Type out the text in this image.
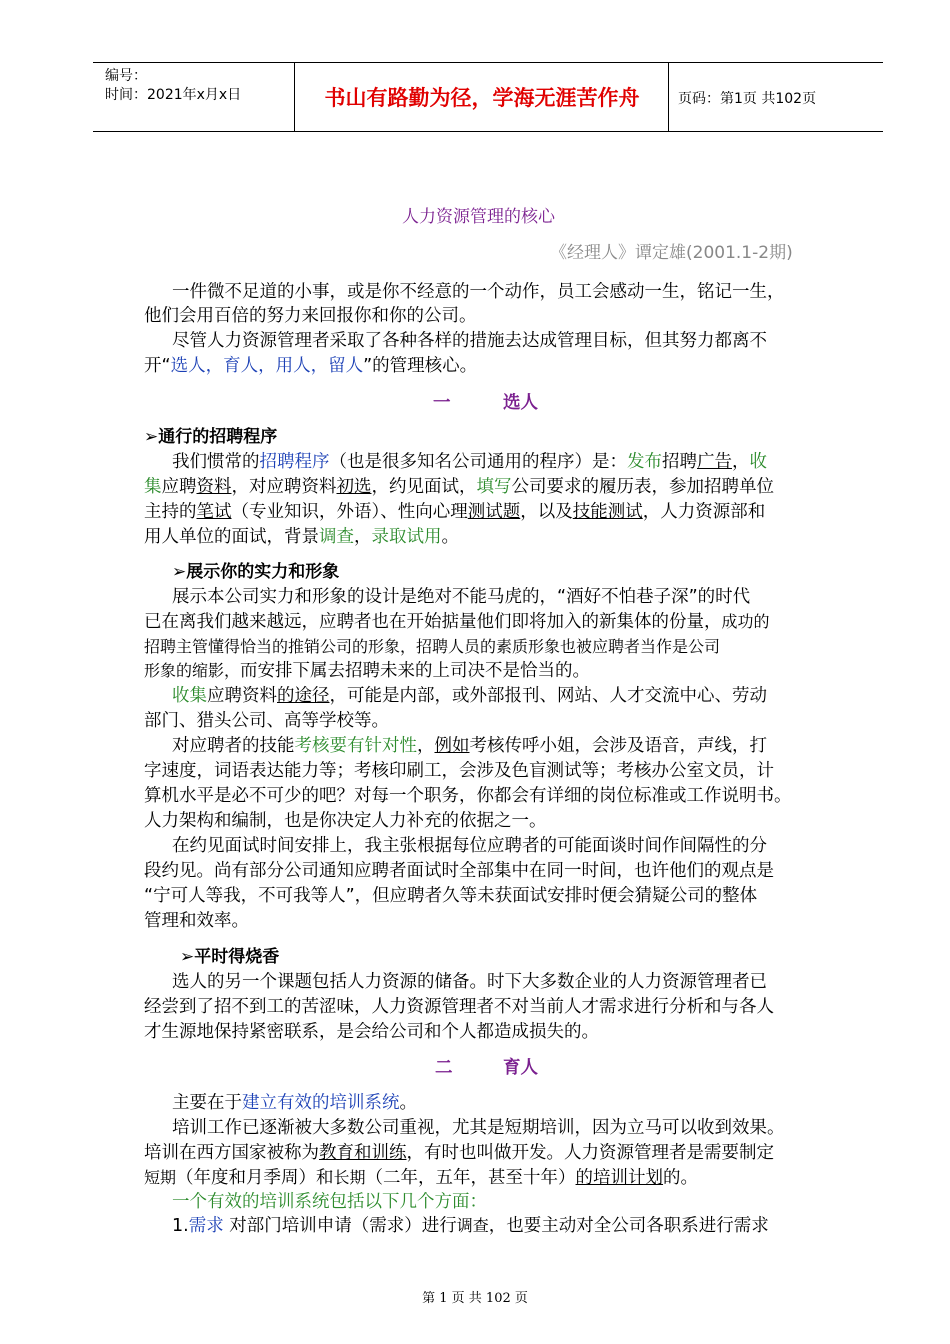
编号：
时间：2021年x月x日	书山有路勤为径，学海无涯苦作舟	页码：第1页 共102页
人力资源管理的核心
《经理人》谭定雄(2001.1-2期)
一件微不足道的小事，或是你不经意的一个动作，员工会感动一生，铭记一生，
他们会用百倍的努力来回报你和你的公司。
尽管人力资源管理者采取了各种各样的措施去达成管理目标，但其努力都离不
开“选人，育人，用人，留人”的管理核心。
一	选人
➢通行的招聘程序
我们惯常的招聘程序（也是很多知名公司通用的程序）是：发布招聘广告，收
集应聘资料，对应聘资料初选，约见面试，填写公司要求的履历表，参加招聘单位
主持的笔试（专业知识，外语）、性向心理测试题，以及技能测试，人力资源部和
用人单位的面试，背景调查，录取试用。
➢展示你的实力和形象
展示本公司实力和形象的设计是绝对不能马虎的，“酒好不怕巷子深”的时代
已在离我们越来越远，应聘者也在开始掂量他们即将加入的新集体的份量，成功的
招聘主管懂得恰当的推销公司的形象，招聘人员的素质形象也被应聘者当作是公司
形象的缩影，而安排下属去招聘未来的上司决不是恰当的。
收集应聘资料的途径，可能是内部，或外部报刊、网站、人才交流中心、劳动
部门、猎头公司、高等学校等。
对应聘者的技能考核要有针对性，例如考核传呼小姐，会涉及语音，声线，打
字速度，词语表达能力等；考核印刷工，会涉及色盲测试等；考核办公室文员，计
算机水平是必不可少的吧？对每一个职务，你都会有详细的岗位标准或工作说明书。
人力架构和编制，也是你决定人力补充的依据之一。
在约见面试时间安排上，我主张根据每位应聘者的可能面谈时间作间隔性的分
段约见。尚有部分公司通知应聘者面试时全部集中在同一时间，也许他们的观点是
“宁可人等我，不可我等人”，但应聘者久等未获面试安排时便会猜疑公司的整体
管理和效率。
➢平时得烧香
选人的另一个课题包括人力资源的储备。时下大多数企业的人力资源管理者已
经尝到了招不到工的苦涩味，人力资源管理者不对当前人才需求进行分析和与各人
才生源地保持紧密联系，是会给公司和个人都造成损失的。
二	育人
主要在于建立有效的培训系统。
培训工作已逐渐被大多数公司重视，尤其是短期培训，因为立马可以收到效果。
培训在西方国家被称为教育和训练，有时也叫做开发。人力资源管理者是需要制定
短期（年度和月季周）和长期（二年，五年，甚至十年）的培训计划的。
一个有效的培训系统包括以下几个方面：
1.需求 对部门培训申请（需求）进行调查，也要主动对全公司各职系进行需求
第 1 页 共 102 页
